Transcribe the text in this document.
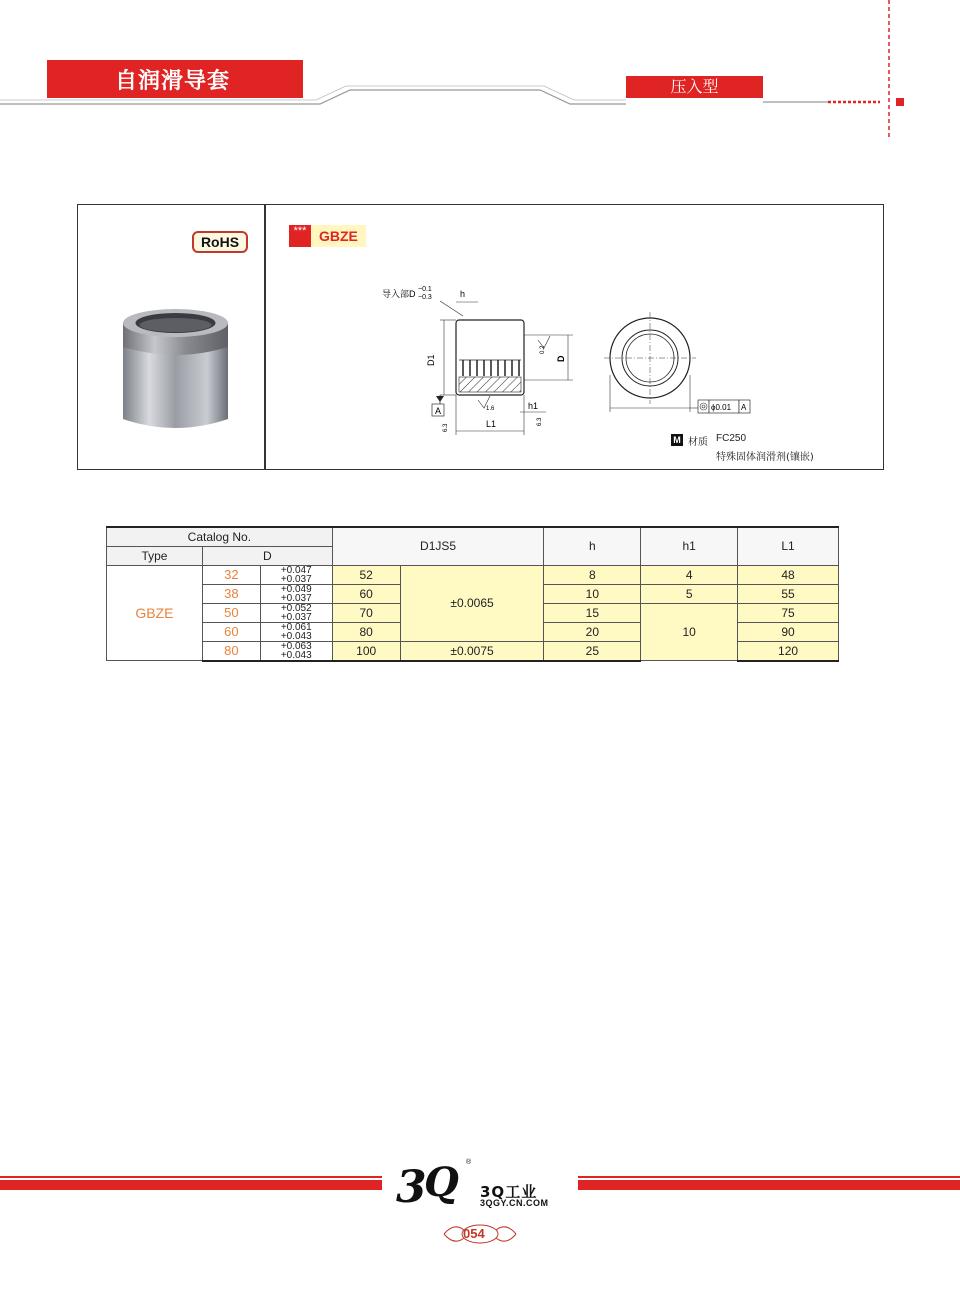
自润滑导套	压入型
RoHS
*** GBZE
导入部D −0.1
−0.3	h
D1	D
0.2
A
L1
1.6	h1
6.3
6.3
ϕ0.01 A
M 材质 FC250
特殊固体润滑剂(镶嵌)
Catalog No.			D1JS5		h	h1	L1
Type	D						
GBZE	32	+0.047
+0.037	52	±0.0065	8	4	48
	38	+0.049
+0.037	60		10	5	55
	50	+0.052
+0.037	70		15	10	75
	60	+0.061
+0.043	80		20		90
	80	+0.063
+0.043	100	±0.0075	25		120
3
Q ®
3Q工业
3QGY.CN.COM
054
